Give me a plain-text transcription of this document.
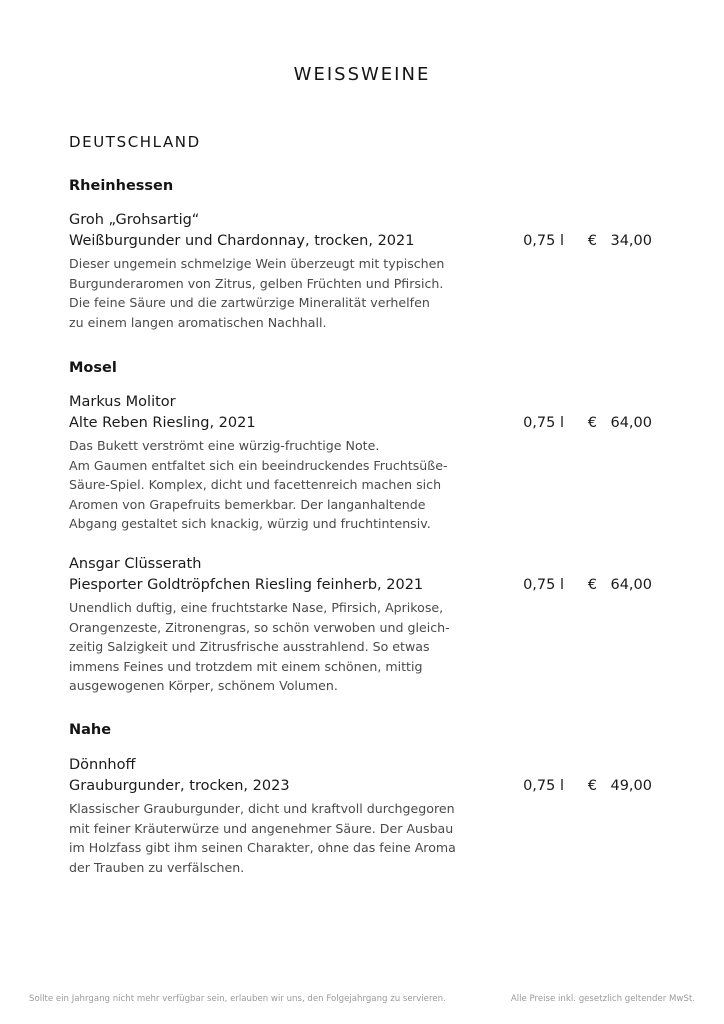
WEISSWEINE
DEUTSCHLAND
Rheinhessen
Groh „Grohsartig“
Weißburgunder und Chardonnay, trocken, 2021	0,75 l € 34,00
Dieser ungemein schmelzige Wein überzeugt mit typischen
Burgunderaromen von Zitrus, gelben Früchten und Pfirsich.
Die feine Säure und die zartwürzige Mineralität verhelfen
zu einem langen aromatischen Nachhall.
Mosel
Markus Molitor
Alte Reben Riesling, 2021	0,75 l € 64,00
Das Bukett verströmt eine würzig-fruchtige Note.
Am Gaumen entfaltet sich ein beeindruckendes Fruchtsüße-
Säure-Spiel. Komplex, dicht und facettenreich machen sich
Aromen von Grapefruits bemerkbar. Der langanhaltende
Abgang gestaltet sich knackig, würzig und fruchtintensiv.
Ansgar Clüsserath
Piesporter Goldtröpfchen Riesling feinherb, 2021	0,75 l € 64,00
Unendlich duftig, eine fruchtstarke Nase, Pfirsich, Aprikose,
Orangenzeste, Zitronengras, so schön verwoben und gleich-
zeitig Salzigkeit und Zitrusfrische ausstrahlend. So etwas
immens Feines und trotzdem mit einem schönen, mittig
ausgewogenen Körper, schönem Volumen.
Nahe
Dönnhoff
Grauburgunder, trocken, 2023	0,75 l € 49,00
Klassischer Grauburgunder, dicht und kraftvoll durchgegoren
mit feiner Kräuterwürze und angenehmer Säure. Der Ausbau
im Holzfass gibt ihm seinen Charakter, ohne das feine Aroma
der Trauben zu verfälschen.
Sollte ein Jahrgang nicht mehr verfügbar sein, erlauben wir uns, den Folgejahrgang zu servieren.	Alle Preise inkl. gesetzlich geltender MwSt.
